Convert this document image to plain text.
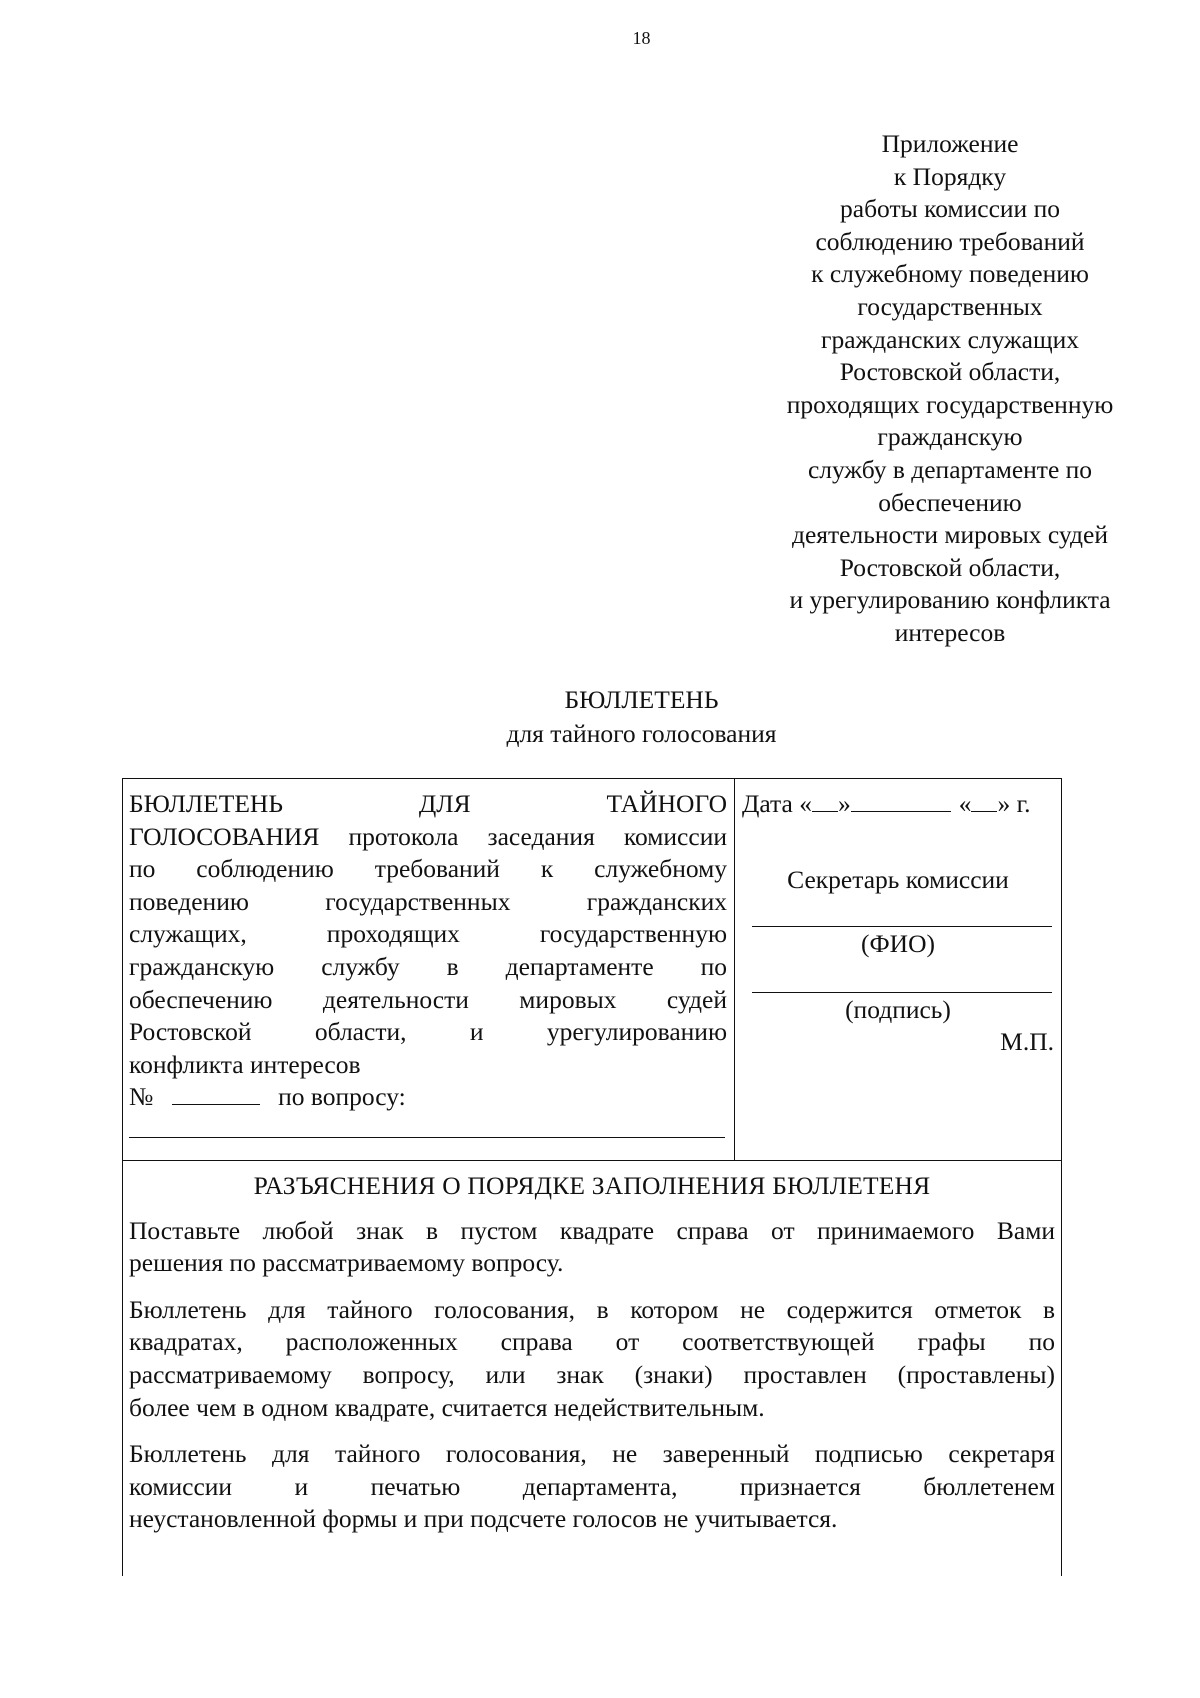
18
Приложение
к Порядку
работы комиссии по
соблюдению требований
к служебному поведению
государственных
гражданских служащих
Ростовской области,
проходящих государственную
гражданскую
службу в департаменте по
обеспечению
деятельности мировых судей
Ростовской области,
и урегулированию конфликта
интересов
БЮЛЛЕТЕНЬ
для тайного голосования
БЮЛЛЕТЕНЬ ДЛЯ ТАЙНОГО
ГОЛОСОВАНИЯ протокола заседания комиссии
по соблюдению требований к служебному
поведению государственных гражданских
служащих, проходящих государственную
гражданскую службу в департаменте по
обеспечению деятельности мировых судей
Ростовской области, и урегулированию
конфликта интересов
№	по вопросу:
Дата « »	« » г.
Секретарь комиссии
(ФИО)
(подпись)
М.П.
РАЗЪЯСНЕНИЯ О ПОРЯДКЕ ЗАПОЛНЕНИЯ БЮЛЛЕТЕНЯ
Поставьте любой знак в пустом квадрате справа от принимаемого Вами
решения по рассматриваемому вопросу.
Бюллетень для тайного голосования, в котором не содержится отметок в
квадратах, расположенных справа от соответствующей графы по
рассматриваемому вопросу, или знак (знаки) проставлен (проставлены)
более чем в одном квадрате, считается недействительным.
Бюллетень для тайного голосования, не заверенный подписью секретаря
комиссии и печатью департамента, признается бюллетенем
неустановленной формы и при подсчете голосов не учитывается.
